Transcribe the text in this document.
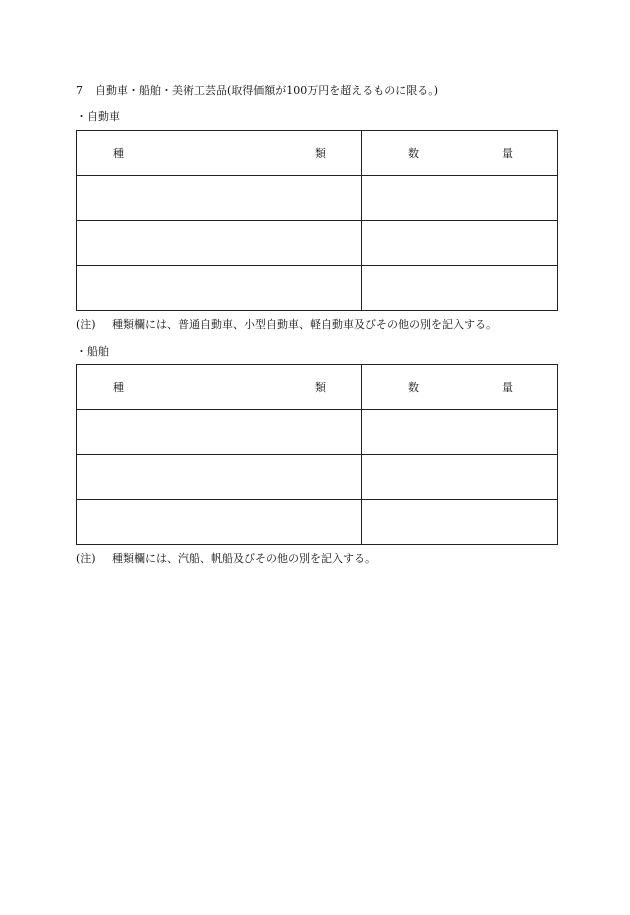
7 自動車・船舶・美術工芸品(取得価額が100万円を超えるものに限る。)
・自動車
種 類	数 量

(注) 種類欄には、普通自動車、小型自動車、軽自動車及びその他の別を記入する。
・船舶
種 類	数 量

(注) 種類欄には、汽船、帆船及びその他の別を記入する。
